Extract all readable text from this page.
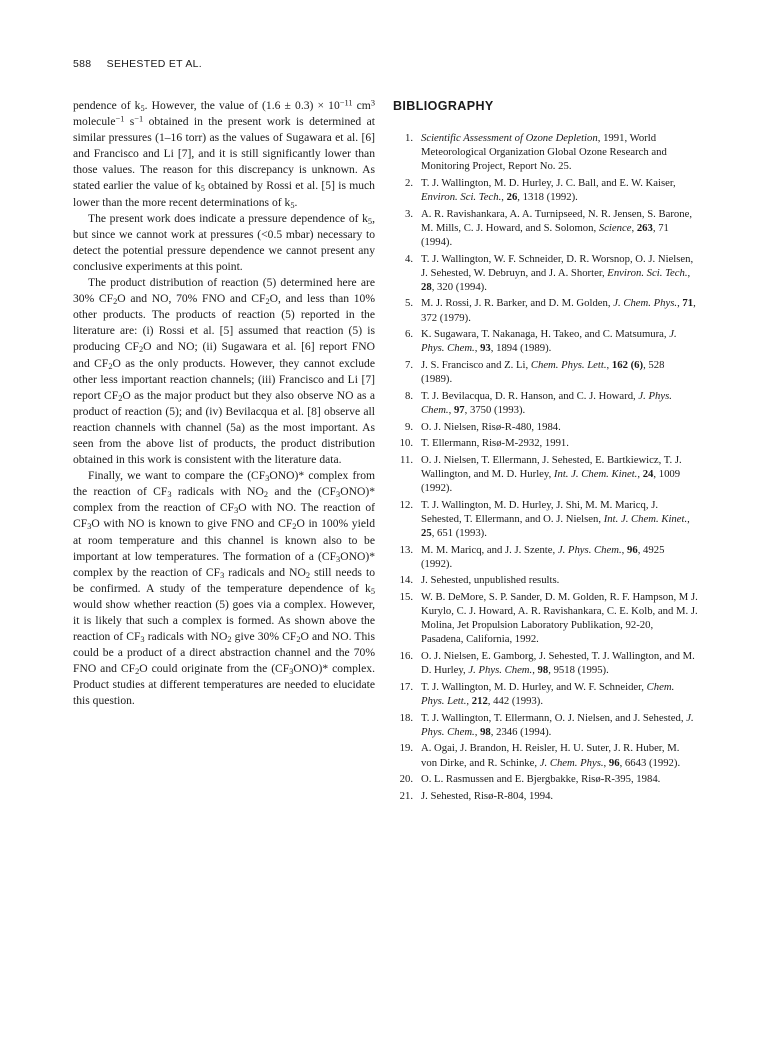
588 SEHESTED ET AL.

pendence of $k_5$. However, the value of $(1.6 \pm 0.3) \times 10^{-11}$ $cm^3$ molecule$^{-1}$ $s^{-1}$ obtained in the present work is determined at similar pressures (1–16 torr) as the values of Sugawara et al. [6] and Francisco and Li [7], and it is still significantly lower than those values. The reason for this discrepancy is unknown. As stated earlier the value of $k_5$ obtained by Rossi et al. [5] is much lower than the more recent determinations of $k_5$.

The present work does indicate a pressure dependence of $k_5$, but since we cannot work at pressures (<0.5 mbar) necessary to detect the potential pressure dependence we cannot present any conclusive experiments at this point.

The product distribution of reaction (5) determined here are 30% $CF_2O$ and NO, 70% FNO and $CF_2O$, and less than 10% other products. The products of reaction (5) reported in the literature are: (i) Rossi et al. [5] assumed that reaction (5) is producing $CF_2O$ and NO; (ii) Sugawara et al. [6] report FNO and $CF_2O$ as the only products. However, they cannot exclude other less important reaction channels; (iii) Francisco and Li [7] report $CF_2O$ as the major product but they also observe NO as a product of reaction (5); and (iv) Bevilacqua et al. [8] observe all reaction channels with channel (5a) as the most important. As seen from the above list of products, the product distribution obtained in this work is consistent with the literature data.

Finally, we want to compare the $(CF_3ONO)*$ complex from the reaction of $CF_3$ radicals with $NO_2$ and the $(CF_3ONO)*$ complex from the reaction of $CF_3O$ with NO. The reaction of $CF_3O$ with NO is known to give FNO and $CF_2O$ in 100% yield at room temperature and this channel is known also to be important at low temperatures. The formation of a $(CF_3ONO)*$ complex by the reaction of $CF_3$ radicals and $NO_2$ still needs to be confirmed. A study of the temperature dependence of $k_5$ would show whether reaction (5) goes via a complex. However, it is likely that such a complex is formed. As shown above the reaction of $CF_3$ radicals with $NO_2$ give 30% $CF_2O$ and NO. This could be a product of a direct abstraction channel and the 70% FNO and $CF_2O$ could originate from the $(CF_3ONO)*$ complex. Product studies at different temperatures are needed to elucidate this question.

BIBLIOGRAPHY
1. Scientific Assessment of Ozone Depletion, 1991, World Meteorological Organization Global Ozone Research and Monitoring Project, Report No. 25.
2. T. J. Wallington, M. D. Hurley, J. C. Ball, and E. W. Kaiser, Environ. Sci. Tech., 26, 1318 (1992).
3. A. R. Ravishankara, A. A. Turnipseed, N. R. Jensen, S. Barone, M. Mills, C. J. Howard, and S. Solomon, Science, 263, 71 (1994).
4. T. J. Wallington, W. F. Schneider, D. R. Worsnop, O. J. Nielsen, J. Sehested, W. Debruyn, and J. A. Shorter, Environ. Sci. Tech., 28, 320 (1994).
5. M. J. Rossi, J. R. Barker, and D. M. Golden, J. Chem. Phys., 71, 372 (1979).
6. K. Sugawara, T. Nakanaga, H. Takeo, and C. Matsumura, J. Phys. Chem., 93, 1894 (1989).
7. J. S. Francisco and Z. Li, Chem. Phys. Lett., 162 (6), 528 (1989).
8. T. J. Bevilacqua, D. R. Hanson, and C. J. Howard, J. Phys. Chem., 97, 3750 (1993).
9. O. J. Nielsen, Risø-R-480, 1984.
10. T. Ellermann, Risø-M-2932, 1991.
11. O. J. Nielsen, T. Ellermann, J. Sehested, E. Bartkiewicz, T. J. Wallington, and M. D. Hurley, Int. J. Chem. Kinet., 24, 1009 (1992).
12. T. J. Wallington, M. D. Hurley, J. Shi, M. M. Maricq, J. Sehested, T. Ellermann, and O. J. Nielsen, Int. J. Chem. Kinet., 25, 651 (1993).
13. M. M. Maricq, and J. J. Szente, J. Phys. Chem., 96, 4925 (1992).
14. J. Sehested, unpublished results.
15. W. B. DeMore, S. P. Sander, D. M. Golden, R. F. Hampson, M J. Kurylo, C. J. Howard, A. R. Ravishankara, C. E. Kolb, and M. J. Molina, Jet Propulsion Laboratory Publikation, 92-20, Pasadena, California, 1992.
16. O. J. Nielsen, E. Gamborg, J. Sehested, T. J. Wallington, and M. D. Hurley, J. Phys. Chem., 98, 9518 (1995).
17. T. J. Wallington, M. D. Hurley, and W. F. Schneider, Chem. Phys. Lett., 212, 442 (1993).
18. T. J. Wallington, T. Ellermann, O. J. Nielsen, and J. Sehested, J. Phys. Chem., 98, 2346 (1994).
19. A. Ogai, J. Brandon, H. Reisler, H. U. Suter, J. R. Huber, M. von Dirke, and R. Schinke, J. Chem. Phys., 96, 6643 (1992).
20. O. L. Rasmussen and E. Bjergbakke, Risø-R-395, 1984.
21. J. Sehested, Risø-R-804, 1994.
